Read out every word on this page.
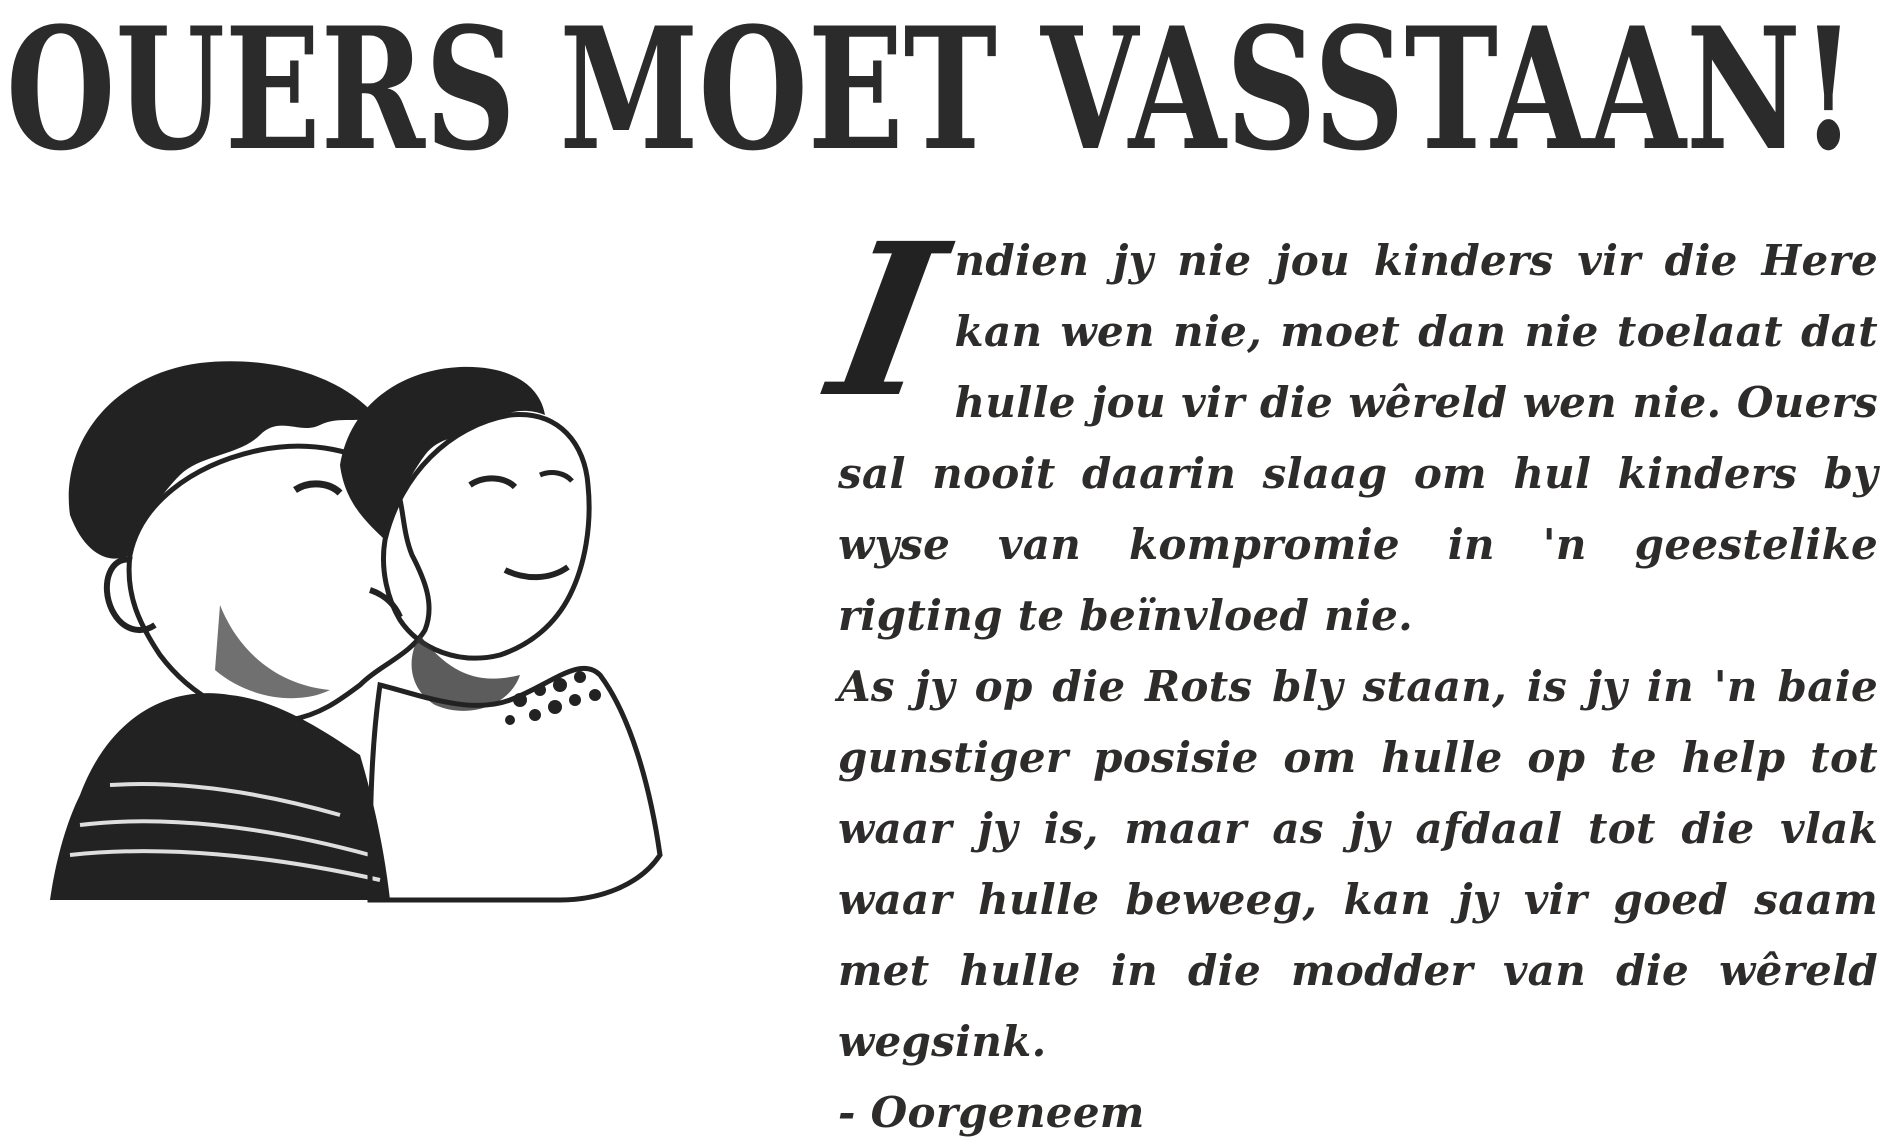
OUERS MOET VASSTAAN!

I
ndien jy nie jou kinders vir die Here kan wen nie, moet dan nie toelaat dat hulle jou vir die wêreld wen nie. Ouers sal nooit daarin slaag om hul kinders by wyse van kompromie in 'n geestelike rigting te beïnvloed nie.

As jy op die Rots bly staan, is jy in 'n baie gunstiger posisie om hulle op te help tot waar jy is, maar as jy afdaal tot die vlak waar hulle beweeg, kan jy vir goed saam met hulle in die modder van die wêreld wegsink.

- Oorgeneem
